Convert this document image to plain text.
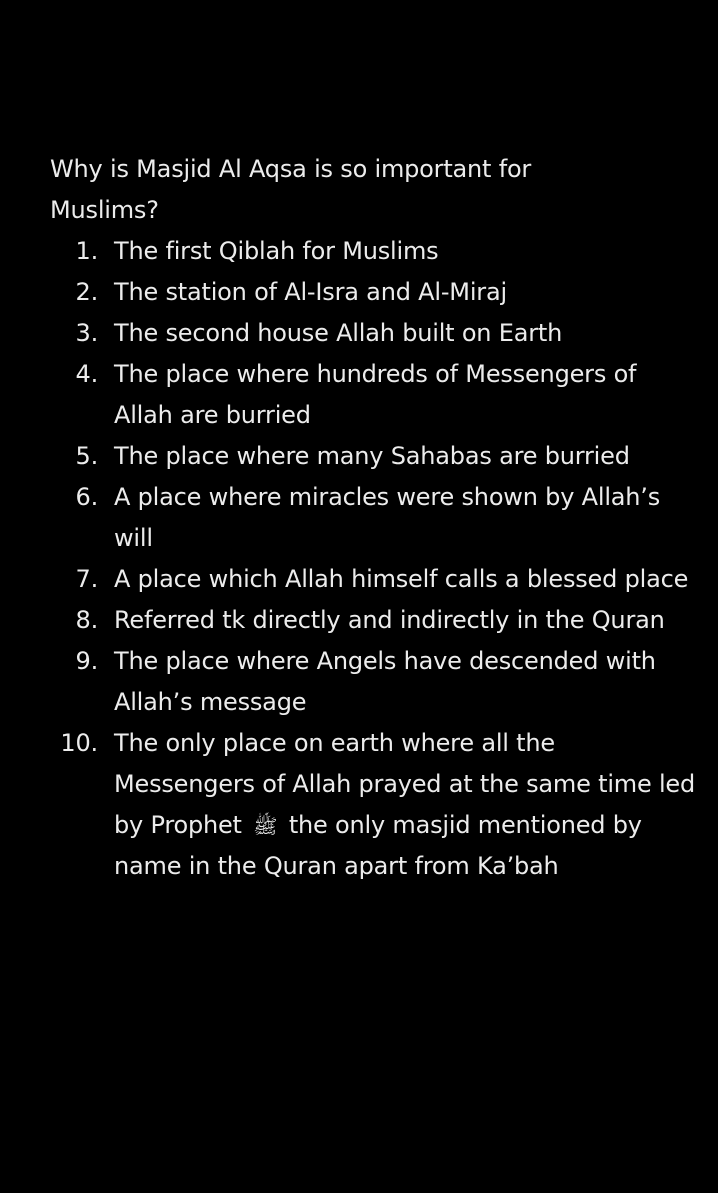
Why is Masjid Al Aqsa is so important for Muslims?

1. The first Qiblah for Muslims
2. The station of Al-Isra and Al-Miraj
3. The second house Allah built on Earth
4. The place where hundreds of Messengers of Allah are burried
5. The place where many Sahabas are burried
6. A place where miracles were shown by Allah’s will
7. A place which Allah himself calls a blessed place
8. Referred tk directly and indirectly in the Quran
9. The place where Angels have descended with Allah’s message
10. The only place on earth where all the Messengers of Allah prayed at the same time led by Prophet ﷺ the only masjid mentioned by name in the Quran apart from Ka’bah
